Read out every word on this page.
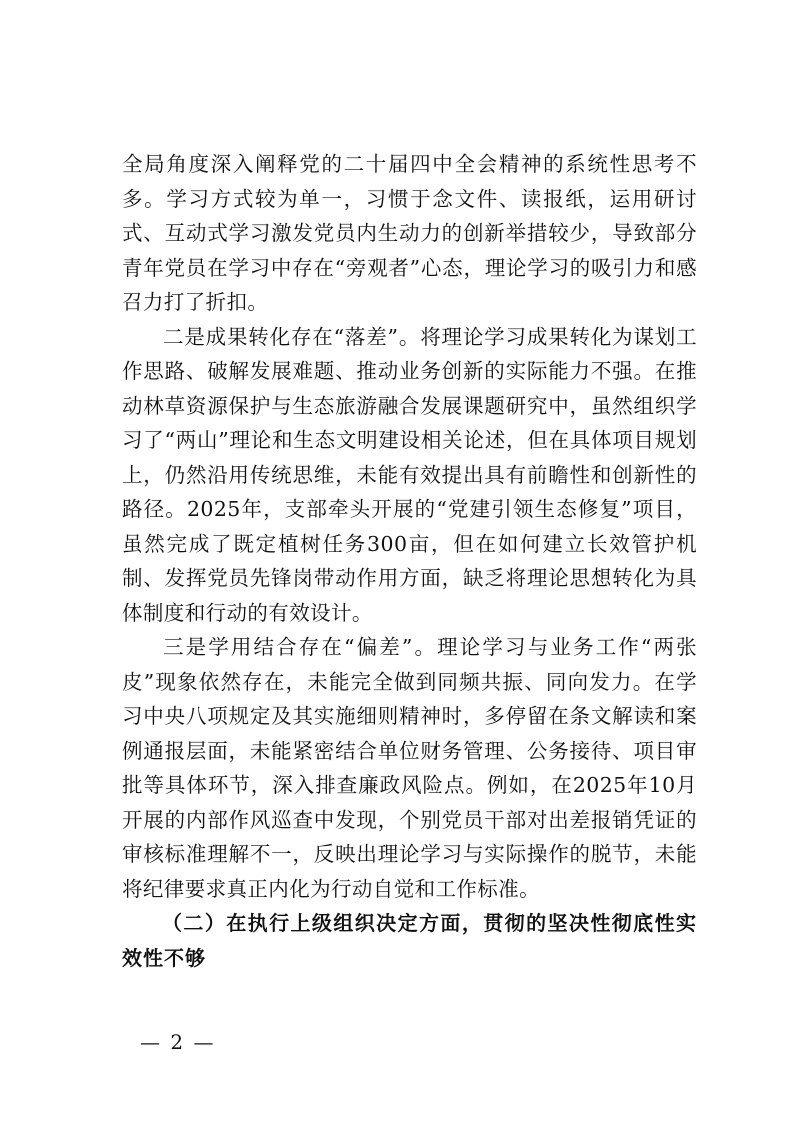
全局角度深入阐释党的二十届四中全会精神的系统性思考不多。学习方式较为单一，习惯于念文件、读报纸，运用研讨式、互动式学习激发党员内生动力的创新举措较少，导致部分青年党员在学习中存在“旁观者”心态，理论学习的吸引力和感召力打了折扣。

二是成果转化存在“落差”。将理论学习成果转化为谋划工作思路、破解发展难题、推动业务创新的实际能力不强。在推动林草资源保护与生态旅游融合发展课题研究中，虽然组织学习了“两山”理论和生态文明建设相关论述，但在具体项目规划上，仍然沿用传统思维，未能有效提出具有前瞻性和创新性的路径。2025年，支部牵头开展的“党建引领生态修复”项目，虽然完成了既定植树任务300亩，但在如何建立长效管护机制、发挥党员先锋岗带动作用方面，缺乏将理论思想转化为具体制度和行动的有效设计。

三是学用结合存在“偏差”。理论学习与业务工作“两张皮”现象依然存在，未能完全做到同频共振、同向发力。在学习中央八项规定及其实施细则精神时，多停留在条文解读和案例通报层面，未能紧密结合单位财务管理、公务接待、项目审批等具体环节，深入排查廉政风险点。例如，在2025年10月开展的内部作风巡查中发现，个别党员干部对出差报销凭证的审核标准理解不一，反映出理论学习与实际操作的脱节，未能将纪律要求真正内化为行动自觉和工作标准。

（二）在执行上级组织决定方面，贯彻的坚决性彻底性实效性不够

— 2 —
